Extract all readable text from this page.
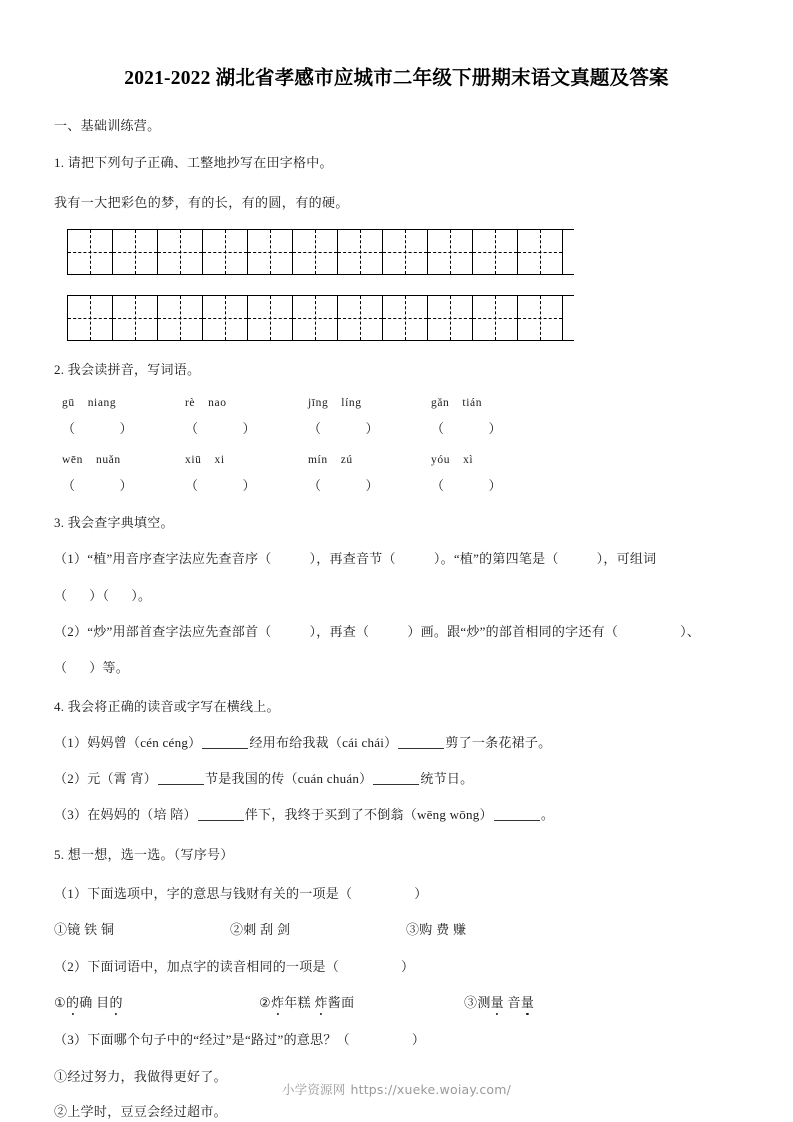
2021-2022 湖北省孝感市应城市二年级下册期末语文真题及答案
一、基础训练营。
1. 请把下列句子正确、工整地抄写在田字格中。
我有一大把彩色的梦，有的长，有的圆，有的硬。
2. 我会读拼音，写词语。
gū niang	rè nao	jīng líng	gǎn tián
（	）	（	）	（	）	（	）
wēn nuǎn	xiū xi	mín zú	yóu xì
（	）	（	）	（	）	（	）
3. 我会查字典填空。
（1）“植”用音序查字法应先查音序（	），再查音节（	）。“植”的第四笔是（	），可组词
（ ）（ ）。
（2）“炒”用部首查字法应先查部首（	），再查（	）画。跟“炒”的部首相同的字还有（	）、
（ ）等。
4. 我会将正确的读音或字写在横线上。
（1）妈妈曾（cén céng）	经用布给我裁（cái chái）	剪了一条花裙子。
（2）元（霄 宵）	节是我国的传（cuán chuán）	统节日。
（3）在妈妈的（培 陪）	伴下，我终于买到了不倒翁（wēng wōng）	。
5. 想一想，选一选。（写序号）
（1）下面选项中，字的意思与钱财有关的一项是（	）
①镜 铁 铜	②刺 刮 剑	③购 费 赚
（2）下面词语中，加点字的读音相同的一项是（	）
①的确 目的	②炸年糕 炸酱面	③测量 音量
（3）下面哪个句子中的“经过”是“路过”的意思？（	）
①经过努力，我做得更好了。
②上学时，豆豆会经过超市。
小学资源网 https://xueke.woiay.com/
